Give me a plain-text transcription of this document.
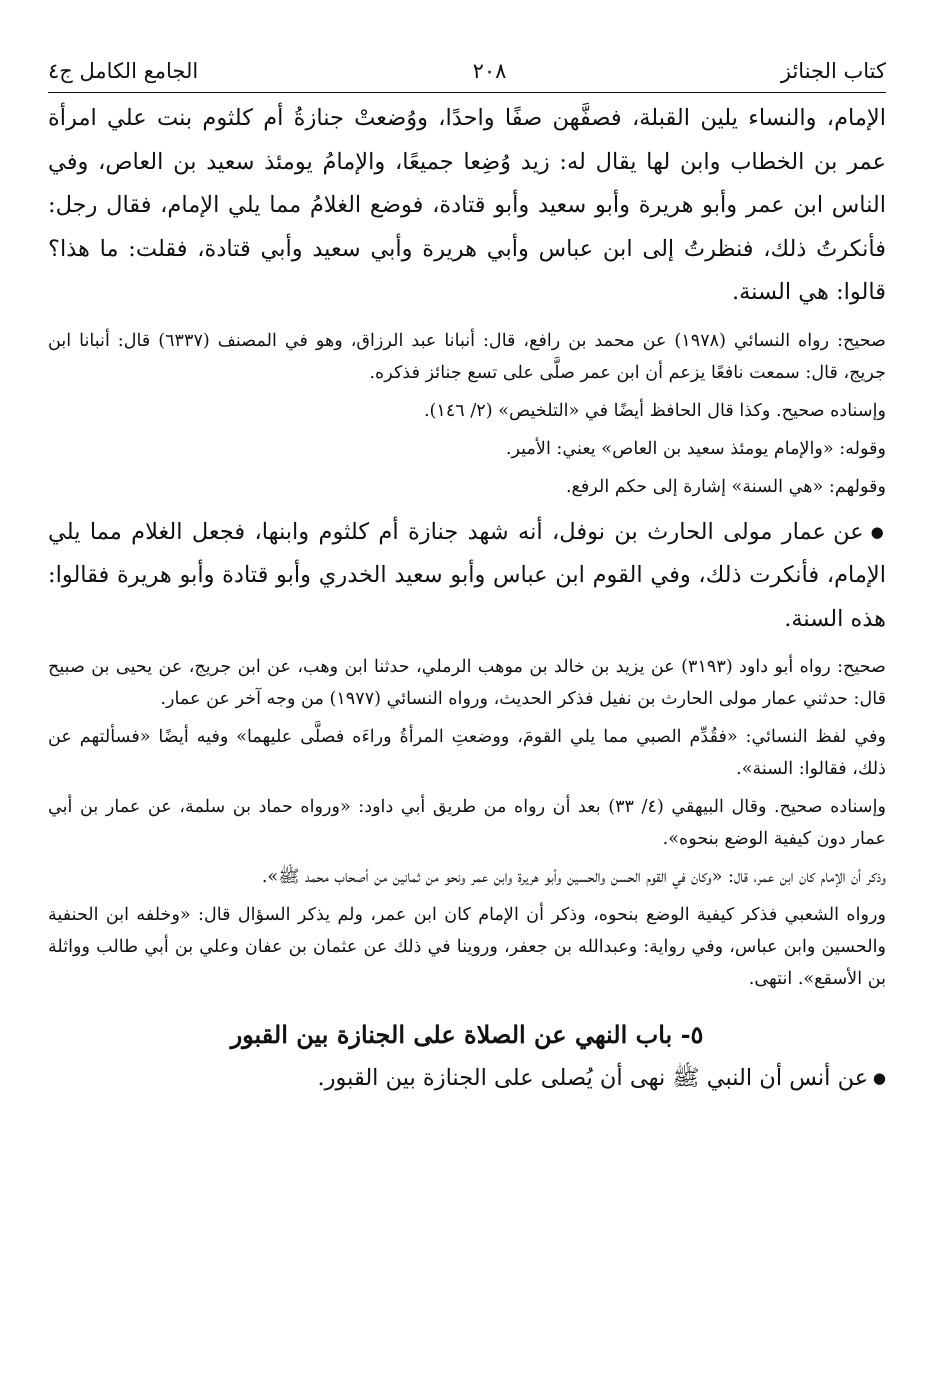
كتاب الجنائز
٢٠٨
الجامع الكامل ج٤

الإمام، والنساء يلين القبلة، فصفَّهن صفًا واحدًا، ووُضعتْ جنازةُ أم كلثوم بنت علي امرأة عمر بن الخطاب وابن لها يقال له: زيد وُضِعا جميعًا، والإمامُ يومئذ سعيد بن العاص، وفي الناس ابن عمر وأبو هريرة وأبو سعيد وأبو قتادة، فوضع الغلامُ مما يلي الإمام، فقال رجل: فأنكرتُ ذلك، فنظرتُ إلى ابن عباس وأبي هريرة وأبي سعيد وأبي قتادة، فقلت: ما هذا؟ قالوا: هي السنة.

صحيح: رواه النسائي (١٩٧٨) عن محمد بن رافع، قال: أنبانا عبد الرزاق، وهو في المصنف (٦٣٣٧) قال: أنبانا ابن جريج، قال: سمعت نافعًا يزعم أن ابن عمر صلَّى على تسع جنائز فذكره.

وإسناده صحيح. وكذا قال الحافظ أيضًا في «التلخيص» (٢/ ١٤٦).

وقوله: «والإمام يومئذ سعيد بن العاص» يعني: الأمير.

وقولهم: «هي السنة» إشارة إلى حكم الرفع.

● عن عمار مولى الحارث بن نوفل، أنه شهد جنازة أم كلثوم وابنها، فجعل الغلام مما يلي الإمام، فأنكرت ذلك، وفي القوم ابن عباس وأبو سعيد الخدري وأبو قتادة وأبو هريرة فقالوا: هذه السنة.

صحيح: رواه أبو داود (٣١٩٣) عن يزيد بن خالد بن موهب الرملي، حدثنا ابن وهب، عن ابن جريج، عن يحيى بن صبيح قال: حدثني عمار مولى الحارث بن نفيل فذكر الحديث، ورواه النسائي (١٩٧٧) من وجه آخر عن عمار.

وفي لفظ النسائي: «فقُدِّم الصبي مما يلي القومَ، ووضعتِ المرأةُ وراءَه فصلَّى عليهما» وفيه أيضًا «فسألتهم عن ذلك، فقالوا: السنة».

وإسناده صحيح. وقال البيهقي (٤/ ٣٣) بعد أن رواه من طريق أبي داود: «ورواه حماد بن سلمة، عن عمار بن أبي عمار دون كيفية الوضع بنحوه».

وذكر أن الإمام كان ابن عمر، قال: «وكان في القوم الحسن والحسين وأبو هريرة وابن عمر ونحو من ثمانين من أصحاب محمد ﷺ».

ورواه الشعبي فذكر كيفية الوضع بنحوه، وذكر أن الإمام كان ابن عمر، ولم يذكر السؤال قال: «وخلفه ابن الحنفية والحسين وابن عباس، وفي رواية: وعبدالله بن جعفر، وروينا في ذلك عن عثمان بن عفان وعلي بن أبي طالب وواثلة بن الأسقع». انتهى.

٥- باب النهي عن الصلاة على الجنازة بين القبور

● عن أنس أن النبي ﷺ نهى أن يُصلى على الجنازة بين القبور.
